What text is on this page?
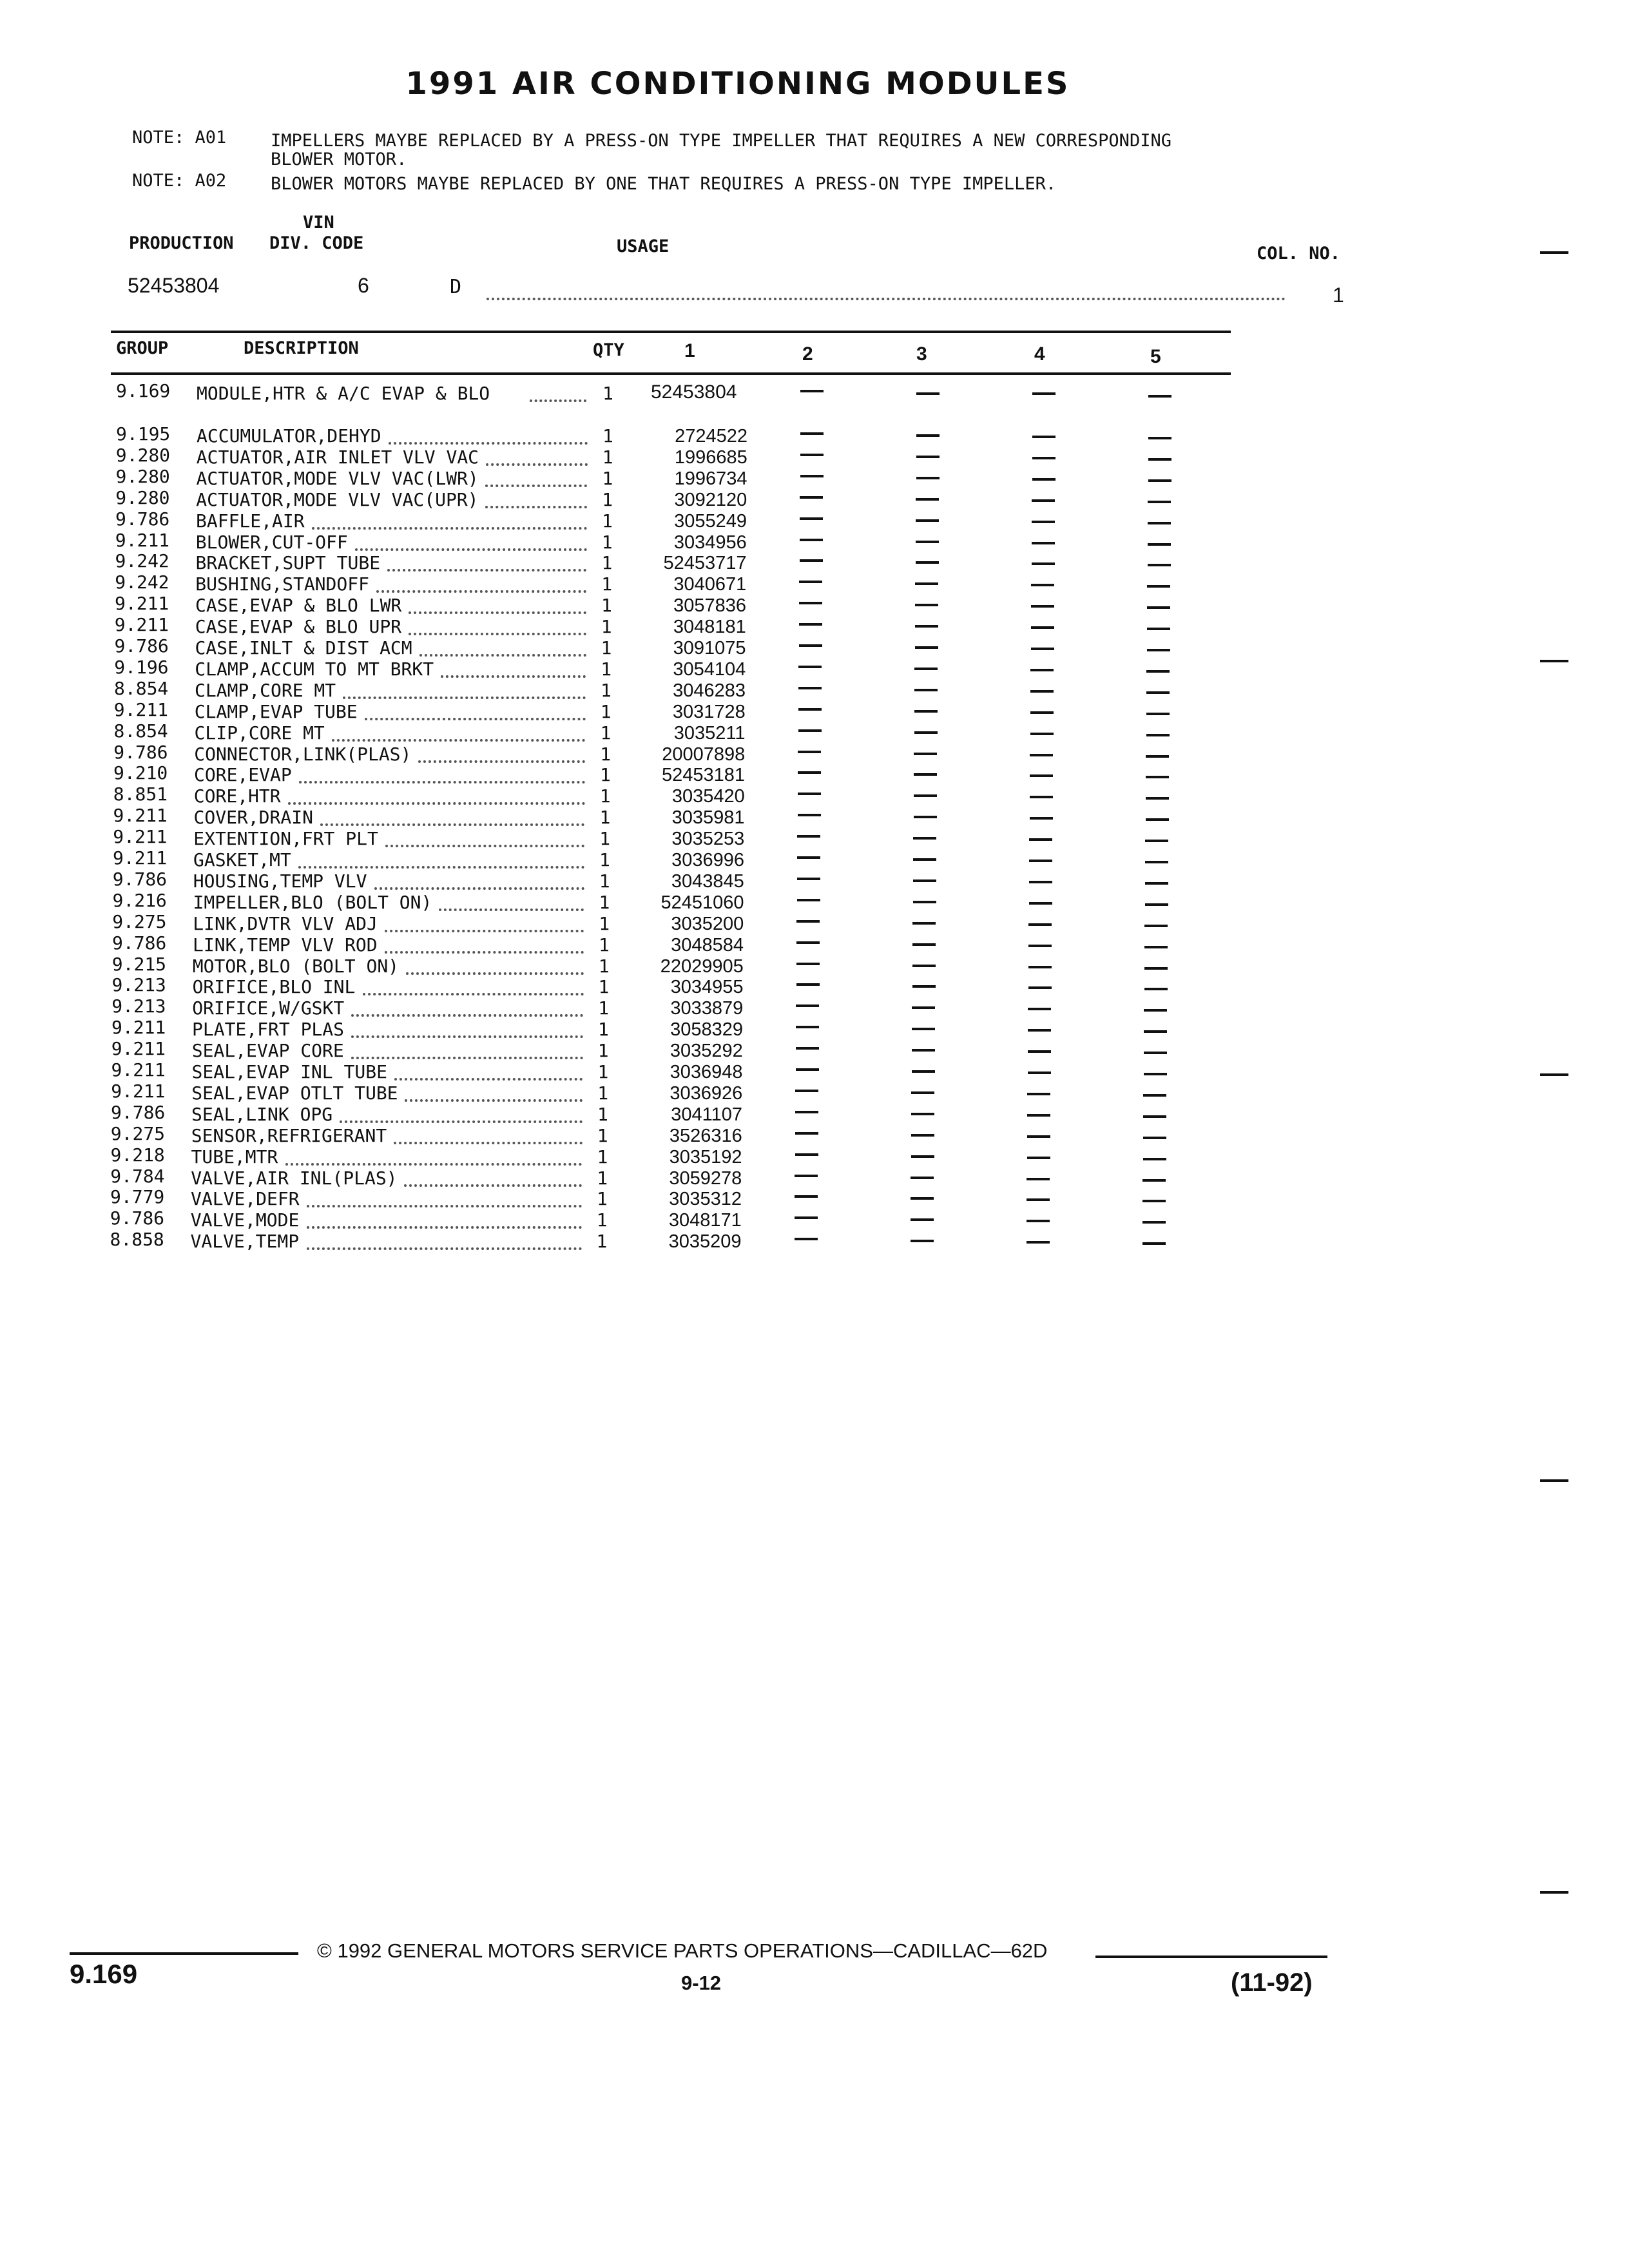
1991 AIR CONDITIONING MODULES
NOTE: A01	IMPELLERS MAYBE REPLACED BY A PRESS-ON TYPE IMPELLER THAT REQUIRES A NEW CORRESPONDING
BLOWER MOTOR.
NOTE: A02	BLOWER MOTORS MAYBE REPLACED BY ONE THAT REQUIRES A PRESS-ON TYPE IMPELLER.
VIN
PRODUCTION DIV. CODE	USAGE	COL. NO.
52453804	6	D	1
GROUP	DESCRIPTION	QTY	1	2	3	4	5
9.169 MODULE,HTR & A/C EVAP & BLO	1 52453804
9.195 ACCUMULATOR,DEHYD	1	2724522
9.280 ACTUATOR,AIR INLET VLV VAC	1	1996685
9.280 ACTUATOR,MODE VLV VAC(LWR)	1	1996734
9.280 ACTUATOR,MODE VLV VAC(UPR)	1	3092120
9.786 BAFFLE,AIR	1	3055249
9.211 BLOWER,CUT-OFF	1	3034956
9.242 BRACKET,SUPT TUBE	1	52453717
9.242 BUSHING,STANDOFF	1	3040671
9.211 CASE,EVAP & BLO LWR	1	3057836
9.211 CASE,EVAP & BLO UPR	1	3048181
9.786 CASE,INLT & DIST ACM	1	3091075
9.196 CLAMP,ACCUM TO MT BRKT	1	3054104
8.854 CLAMP,CORE MT	1	3046283
9.211 CLAMP,EVAP TUBE	1	3031728
8.854 CLIP,CORE MT	1	3035211
9.786 CONNECTOR,LINK(PLAS)	1	20007898
9.210 CORE,EVAP	1	52453181
8.851 CORE,HTR	1	3035420
9.211 COVER,DRAIN	1	3035981
9.211 EXTENTION,FRT PLT	1	3035253
9.211 GASKET,MT	1	3036996
9.786 HOUSING,TEMP VLV	1	3043845
9.216 IMPELLER,BLO (BOLT ON)	1	52451060
9.275 LINK,DVTR VLV ADJ	1	3035200
9.786 LINK,TEMP VLV ROD	1	3048584
9.215 MOTOR,BLO (BOLT ON)	1	22029905
9.213 ORIFICE,BLO INL	1	3034955
9.213 ORIFICE,W/GSKT	1	3033879
9.211 PLATE,FRT PLAS	1	3058329
9.211 SEAL,EVAP CORE	1	3035292
9.211 SEAL,EVAP INL TUBE	1	3036948
9.211 SEAL,EVAP OTLT TUBE	1	3036926
9.786 SEAL,LINK OPG	1	3041107
9.275 SENSOR,REFRIGERANT	1	3526316
9.218 TUBE,MTR	1	3035192
9.784 VALVE,AIR INL(PLAS)	1	3059278
9.779 VALVE,DEFR	1	3035312
9.786 VALVE,MODE	1	3048171
8.858 VALVE,TEMP	1	3035209
© 1992 GENERAL MOTORS SERVICE PARTS OPERATIONS—CADILLAC—62D
9.169	9-12	(11-92)
